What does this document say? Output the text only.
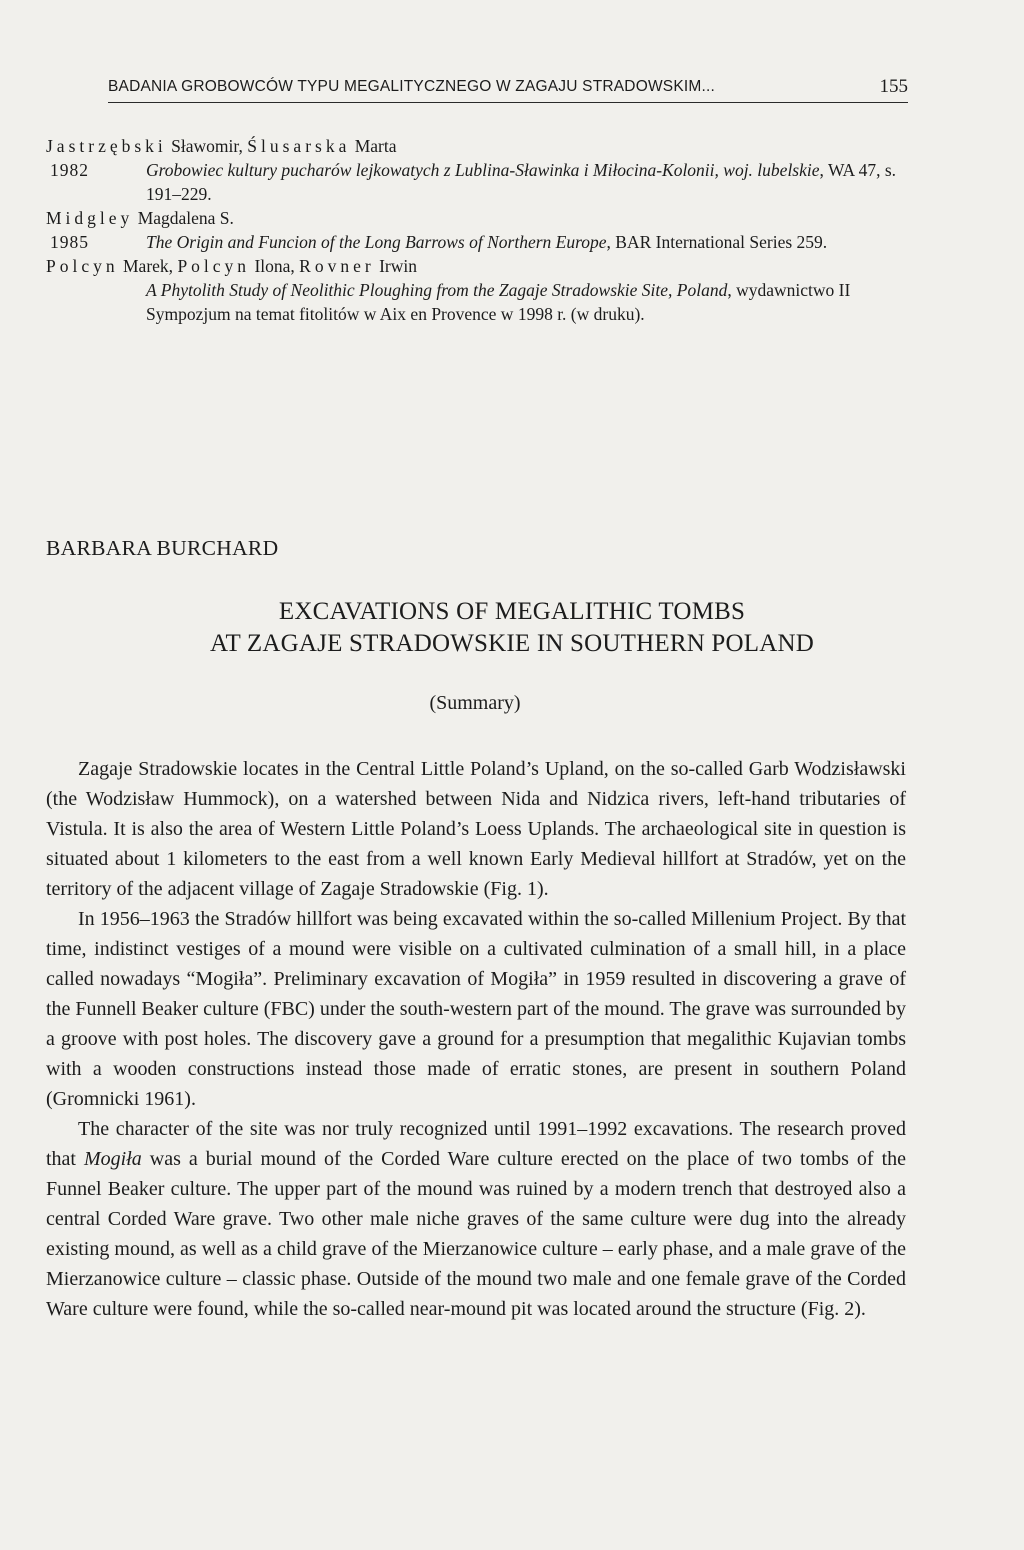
BADANIA GROBOWCÓW TYPU MEGALITYCZNEGO W ZAGAJU STRADOWSKIM...	155
Jastrzębski Sławomir, Ślusarska Marta
1982	Grobowiec kultury pucharów lejkowatych z Lublina-Sławinka i Miłocina-Kolonii, woj. lubelskie, WA 47, s. 191–229.
Midgley Magdalena S.
1985	The Origin and Funcion of the Long Barrows of Northern Europe, BAR International Series 259.
Polcyn Marek, Polcyn Ilona, Rovner Irwin
A Phytolith Study of Neolithic Ploughing from the Zagaje Stradowskie Site, Poland, wydawnictwo II Sympozjum na temat fitolitów w Aix en Provence w 1998 r. (w druku).
BARBARA BURCHARD
EXCAVATIONS OF MEGALITHIC TOMBS
AT ZAGAJE STRADOWSKIE IN SOUTHERN POLAND
(Summary)

Zagaje Stradowskie locates in the Central Little Poland’s Upland, on the so-called Garb Wodzisławski (the Wodzisław Hummock), on a watershed between Nida and Nidzica rivers, left-hand tributaries of Vistula. It is also the area of Western Little Poland’s Loess Uplands. The archaeological site in question is situated about 1 kilometers to the east from a well known Early Medieval hillfort at Stradów, yet on the territory of the adjacent village of Zagaje Stradowskie (Fig. 1).

In 1956–1963 the Stradów hillfort was being excavated within the so-called Millenium Project. By that time, indistinct vestiges of a mound were visible on a cultivated culmination of a small hill, in a place called nowadays “Mogiła”. Preliminary excavation of Mogiła” in 1959 resulted in discovering a grave of the Funnell Beaker culture (FBC) under the south-western part of the mound. The grave was surrounded by a groove with post holes. The discovery gave a ground for a presumption that megalithic Kujavian tombs with a wooden constructions instead those made of erratic stones, are present in southern Poland (Gromnicki 1961).

The character of the site was nor truly recognized until 1991–1992 excavations. The research proved that Mogiła was a burial mound of the Corded Ware culture erected on the place of two tombs of the Funnel Beaker culture. The upper part of the mound was ruined by a modern trench that destroyed also a central Corded Ware grave. Two other male niche graves of the same culture were dug into the already existing mound, as well as a child grave of the Mierzanowice culture – early phase, and a male grave of the Mierzanowice culture – classic phase. Outside of the mound two male and one female grave of the Corded Ware culture were found, while the so-called near-mound pit was located around the structure (Fig. 2).
